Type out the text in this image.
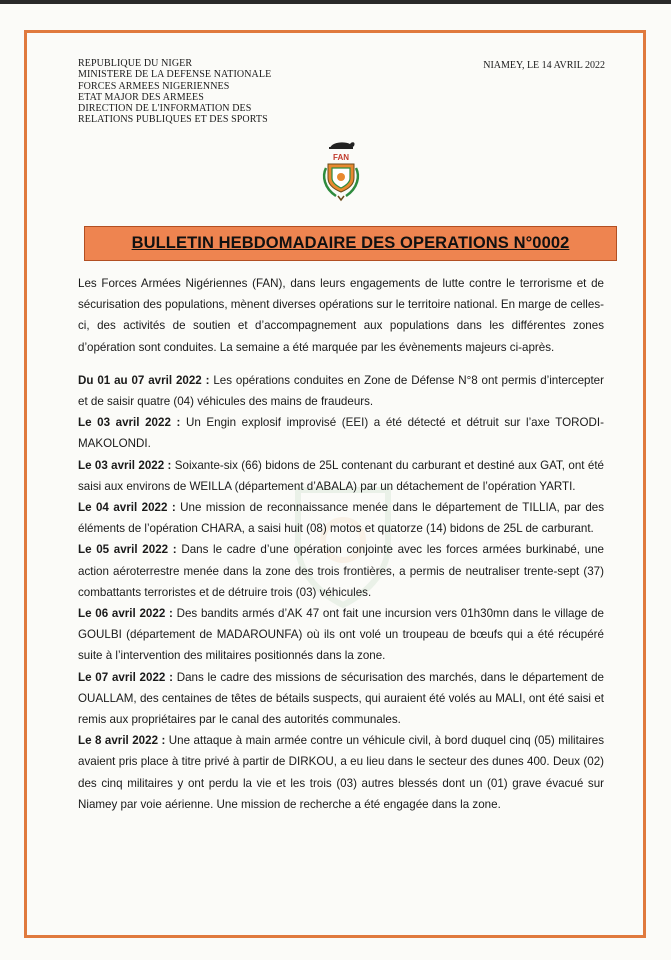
REPUBLIQUE DU NIGER
MINISTERE DE LA DEFENSE NATIONALE
FORCES ARMEES NIGERIENNES
ETAT MAJOR DES ARMEES
DIRECTION DE L'INFORMATION DES
RELATIONS PUBLIQUES ET DES SPORTS
NIAMEY, LE 14 AVRIL 2022
FAN
BULLETIN HEBDOMADAIRE DES OPERATIONS N°0002

Les Forces Armées Nigériennes (FAN), dans leurs engagements de lutte contre le terrorisme et de sécurisation des populations, mènent diverses opérations sur le territoire national. En marge de celles-ci, des activités de soutien et d’accompagnement aux populations dans les différentes zones d’opération sont conduites. La semaine a été marquée par les évènements majeurs ci-après.

Du 01 au 07 avril 2022 : Les opérations conduites en Zone de Défense N°8 ont permis d’intercepter et de saisir quatre (04) véhicules des mains de fraudeurs.

Le 03 avril 2022 : Un Engin explosif improvisé (EEI) a été détecté et détruit sur l’axe TORODI-MAKOLONDI.

Le 03 avril 2022 : Soixante-six (66) bidons de 25L contenant du carburant et destiné aux GAT, ont été saisi aux environs de WEILLA (département d’ABALA) par un détachement de l’opération YARTI.

Le 04 avril 2022 : Une mission de reconnaissance menée dans le département de TILLIA, par des éléments de l’opération CHARA, a saisi huit (08) motos et quatorze (14) bidons de 25L de carburant.

Le 05 avril 2022 : Dans le cadre d’une opération conjointe avec les forces armées burkinabé, une action aéroterrestre menée dans la zone des trois frontières, a permis de neutraliser trente-sept (37) combattants terroristes et de détruire trois (03) véhicules.

Le 06 avril 2022 : Des bandits armés d’AK 47 ont fait une incursion vers 01h30mn dans le village de GOULBI (département de MADAROUNFA) où ils ont volé un troupeau de bœufs qui a été récupéré suite à l’intervention des militaires positionnés dans la zone.

Le 07 avril 2022 : Dans le cadre des missions de sécurisation des marchés, dans le département de OUALLAM, des centaines de têtes de bétails suspects, qui auraient été volés au MALI, ont été saisi et remis aux propriétaires par le canal des autorités communales.

Le 8 avril 2022 : Une attaque à main armée contre un véhicule civil, à bord duquel cinq (05) militaires avaient pris place à titre privé à partir de DIRKOU, a eu lieu dans le secteur des dunes 400. Deux (02) des cinq militaires y ont perdu la vie et les trois (03) autres blessés dont un (01) grave évacué sur Niamey par voie aérienne. Une mission de recherche a été engagée dans la zone.
